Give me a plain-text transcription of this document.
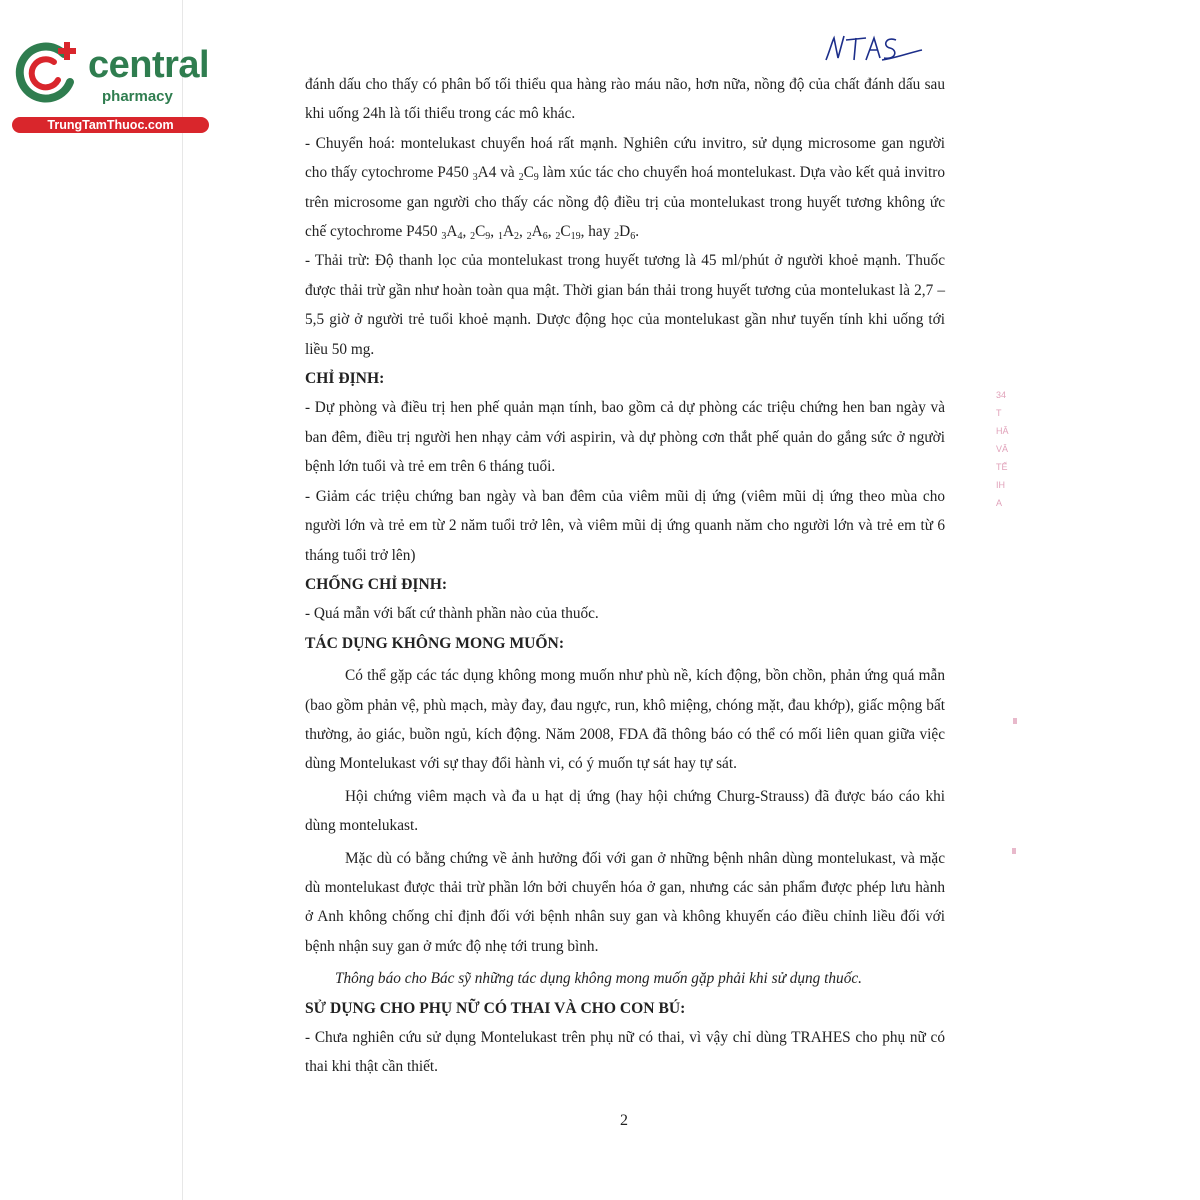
central
pharmacy
TrungTamThuoc.com
34
T
HÂ
VÂ
TẾ
IH
A

đánh dấu cho thấy có phân bố tối thiểu qua hàng rào máu não, hơn nữa, nồng độ của chất đánh dấu sau khi uống 24h là tối thiểu trong các mô khác.

- Chuyển hoá: montelukast chuyển hoá rất mạnh. Nghiên cứu invitro, sử dụng microsome gan người cho thấy cytochrome P450 $_3$A4 và $_2C_9$ làm xúc tác cho chuyển hoá montelukast. Dựa vào kết quả invitro trên microsome gan người cho thấy các nồng độ điều trị của montelukast trong huyết tương không ức chế cytochrome P450 $_3A_4$, $_2C_9$, $_1A_2$, $_2A_6$, $_2C_{19}$, hay $_2D_6$.

- Thải trừ: Độ thanh lọc của montelukast trong huyết tương là 45 ml/phút ở người khoẻ mạnh. Thuốc được thải trừ gần như hoàn toàn qua mật. Thời gian bán thải trong huyết tương của montelukast là 2,7 – 5,5 giờ ở người trẻ tuổi khoẻ mạnh. Dược động học của montelukast gần như tuyến tính khi uống tới liều 50 mg.

CHỈ ĐỊNH:

- Dự phòng và điều trị hen phế quản mạn tính, bao gồm cả dự phòng các triệu chứng hen ban ngày và ban đêm, điều trị người hen nhạy cảm với aspirin, và dự phòng cơn thắt phế quản do gắng sức ở người bệnh lớn tuổi và trẻ em trên 6 tháng tuổi.

- Giảm các triệu chứng ban ngày và ban đêm của viêm mũi dị ứng (viêm mũi dị ứng theo mùa cho người lớn và trẻ em từ 2 năm tuổi trở lên, và viêm mũi dị ứng quanh năm cho người lớn và trẻ em từ 6 tháng tuổi trở lên)

CHỐNG CHỈ ĐỊNH:

- Quá mẫn với bất cứ thành phần nào của thuốc.

TÁC DỤNG KHÔNG MONG MUỐN:

Có thể gặp các tác dụng không mong muốn như phù nề, kích động, bồn chồn, phản ứng quá mẫn (bao gồm phản vệ, phù mạch, mày đay, đau ngực, run, khô miệng, chóng mặt, đau khớp), giấc mộng bất thường, ảo giác, buồn ngủ, kích động. Năm 2008, FDA đã thông báo có thể có mối liên quan giữa việc dùng Montelukast với sự thay đổi hành vi, có ý muốn tự sát hay tự sát.

Hội chứng viêm mạch và đa u hạt dị ứng (hay hội chứng Churg-Strauss) đã được báo cáo khi dùng montelukast.

Mặc dù có bằng chứng về ảnh hưởng đối với gan ở những bệnh nhân dùng montelukast, và mặc dù montelukast được thải trừ phần lớn bởi chuyển hóa ở gan, nhưng các sản phẩm được phép lưu hành ở Anh không chống chỉ định đối với bệnh nhân suy gan và không khuyến cáo điều chỉnh liều đối với bệnh nhận suy gan ở mức độ nhẹ tới trung bình.

Thông báo cho Bác sỹ những tác dụng không mong muốn gặp phải khi sử dụng thuốc.

SỬ DỤNG CHO PHỤ NỮ CÓ THAI VÀ CHO CON BÚ:

- Chưa nghiên cứu sử dụng Montelukast trên phụ nữ có thai, vì vậy chỉ dùng TRAHES cho phụ nữ có thai khi thật cần thiết.

2
